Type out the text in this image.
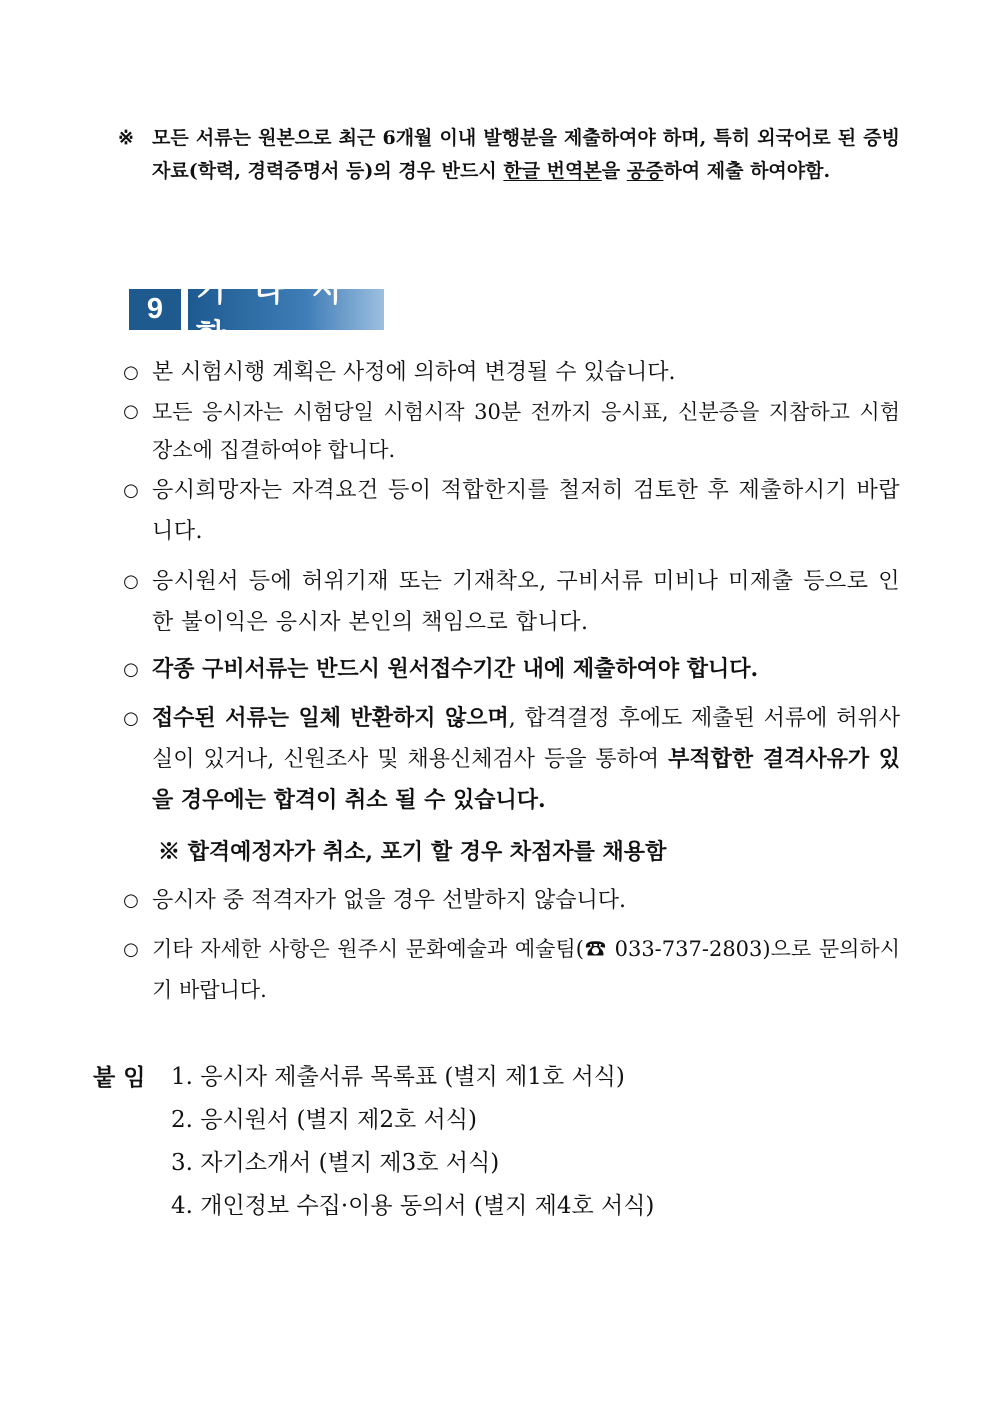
※ 모든 서류는 원본으로 최근 6개월 이내 발행분을 제출하여야 하며, 특히 외국어로 된 증빙자료(학력, 경력증명서 등)의 경우 반드시 한글 번역본을 공증하여 제출 하여야함.
9
기 타 사 항
○ 본 시험시행 계획은 사정에 의하여 변경될 수 있습니다.
○ 모든 응시자는 시험당일 시험시작 30분 전까지 응시표, 신분증을 지참하고 시험 장소에 집결하여야 합니다.
○ 응시희망자는 자격요건 등이 적합한지를 철저히 검토한 후 제출하시기 바랍니다.
○ 응시원서 등에 허위기재 또는 기재착오, 구비서류 미비나 미제출 등으로 인한 불이익은 응시자 본인의 책임으로 합니다.
○ 각종 구비서류는 반드시 원서접수기간 내에 제출하여야 합니다.
○ 접수된 서류는 일체 반환하지 않으며, 합격결정 후에도 제출된 서류에 허위사실이 있거나, 신원조사 및 채용신체검사 등을 통하여 부적합한 결격사유가 있을 경우에는 합격이 취소 될 수 있습니다.
※ 합격예정자가 취소, 포기 할 경우 차점자를 채용함
○ 응시자 중 적격자가 없을 경우 선발하지 않습니다.
○ 기타 자세한 사항은 원주시 문화예술과 예술팀(☎ 033-737-2803)으로 문의하시기 바랍니다.
붙 임	1. 응시자 제출서류 목록표 (별지 제1호 서식)
2. 응시원서 (별지 제2호 서식)
3. 자기소개서 (별지 제3호 서식)
4. 개인정보 수집·이용 동의서 (별지 제4호 서식)
